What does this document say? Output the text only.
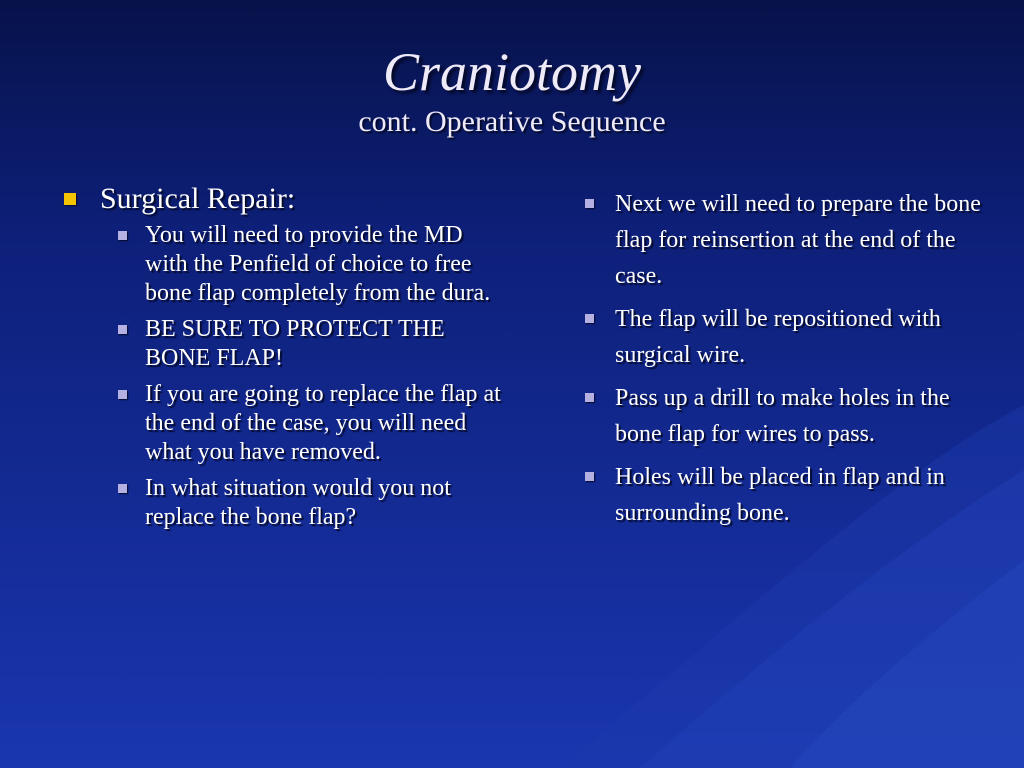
Craniotomy
cont. Operative Sequence
Surgical Repair:
You will need to provide the MD with the Penfield of choice to free bone flap completely from the dura.
BE SURE TO PROTECT THE BONE FLAP!
If you are going to replace the flap at the end of the case, you will need what you have removed.
In what situation would you not replace the bone flap?
Next we will need to prepare the bone flap for reinsertion at the end of the case.
The flap will be repositioned with surgical wire.
Pass up a drill to make holes in the bone flap for wires to pass.
Holes will be placed in flap and in surrounding bone.
